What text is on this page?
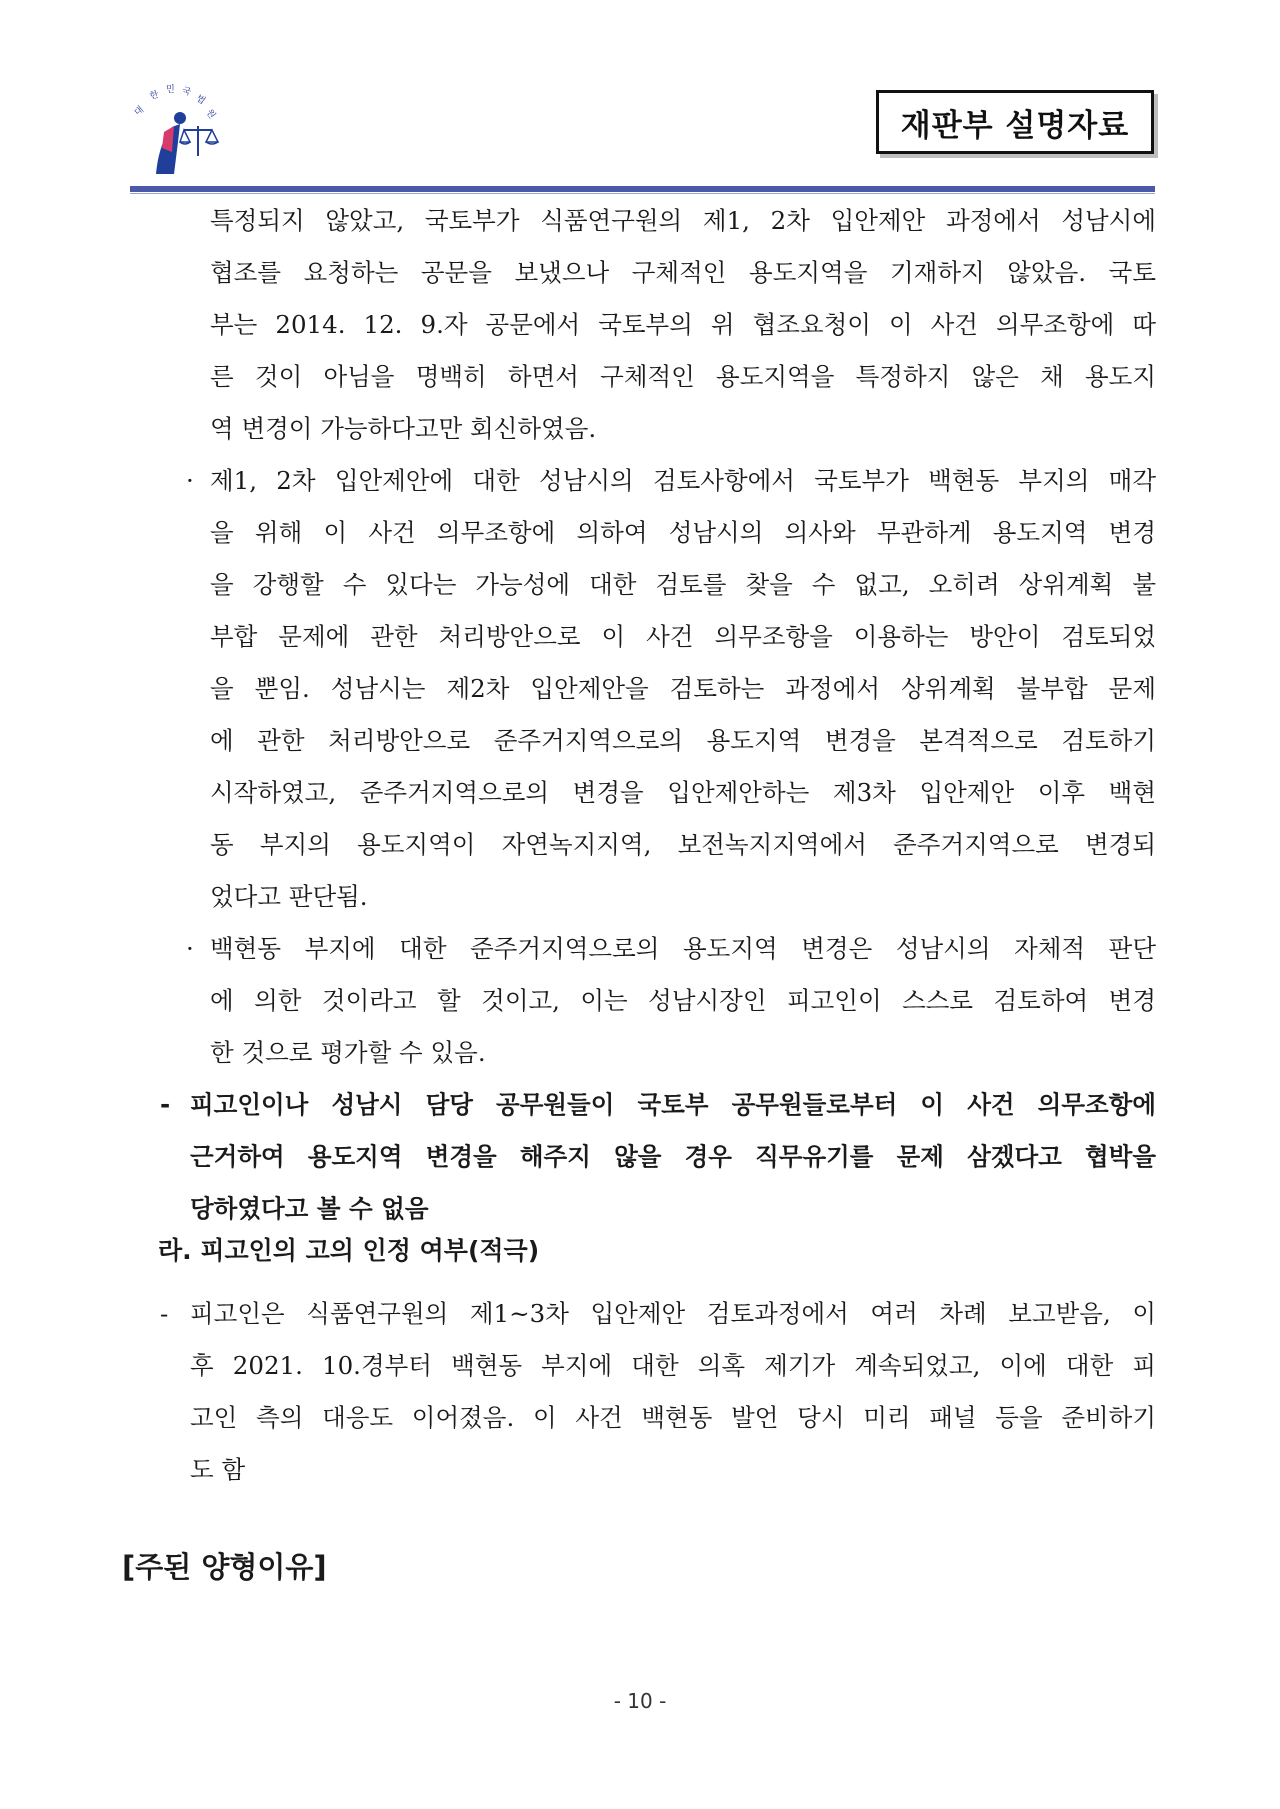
대
한 민 국
법
원	재판부 설명자료
특정되지 않았고, 국토부가 식품연구원의 제1, 2차 입안제안 과정에서 성남시에
협조를 요청하는 공문을 보냈으나 구체적인 용도지역을 기재하지 않았음. 국토
부는 2014. 12. 9.자 공문에서 국토부의 위 협조요청이 이 사건 의무조항에 따
른 것이 아님을 명백히 하면서 구체적인 용도지역을 특정하지 않은 채 용도지
역 변경이 가능하다고만 회신하였음.
· 제1, 2차 입안제안에 대한 성남시의 검토사항에서 국토부가 백현동 부지의 매각
을 위해 이 사건 의무조항에 의하여 성남시의 의사와 무관하게 용도지역 변경
을 강행할 수 있다는 가능성에 대한 검토를 찾을 수 없고, 오히려 상위계획 불
부합 문제에 관한 처리방안으로 이 사건 의무조항을 이용하는 방안이 검토되었
을 뿐임. 성남시는 제2차 입안제안을 검토하는 과정에서 상위계획 불부합 문제
에 관한 처리방안으로 준주거지역으로의 용도지역 변경을 본격적으로 검토하기
시작하였고, 준주거지역으로의 변경을 입안제안하는 제3차 입안제안 이후 백현
동 부지의 용도지역이 자연녹지지역, 보전녹지지역에서 준주거지역으로 변경되
었다고 판단됨.
· 백현동 부지에 대한 준주거지역으로의 용도지역 변경은 성남시의 자체적 판단
에 의한 것이라고 할 것이고, 이는 성남시장인 피고인이 스스로 검토하여 변경
한 것으로 평가할 수 있음.
- 피고인이나 성남시 담당 공무원들이 국토부 공무원들로부터 이 사건 의무조항에
근거하여 용도지역 변경을 해주지 않을 경우 직무유기를 문제 삼겠다고 협박을
당하였다고 볼 수 없음
- 피고인은 식품연구원의 제1~3차 입안제안 검토과정에서 여러 차례 보고받음, 이
후 2021. 10.경부터 백현동 부지에 대한 의혹 제기가 계속되었고, 이에 대한 피
고인 측의 대응도 이어졌음. 이 사건 백현동 발언 당시 미리 패널 등을 준비하기
도 함
라. 피고인의 고의 인정 여부(적극)
[주된 양형이유]
- 10 -
